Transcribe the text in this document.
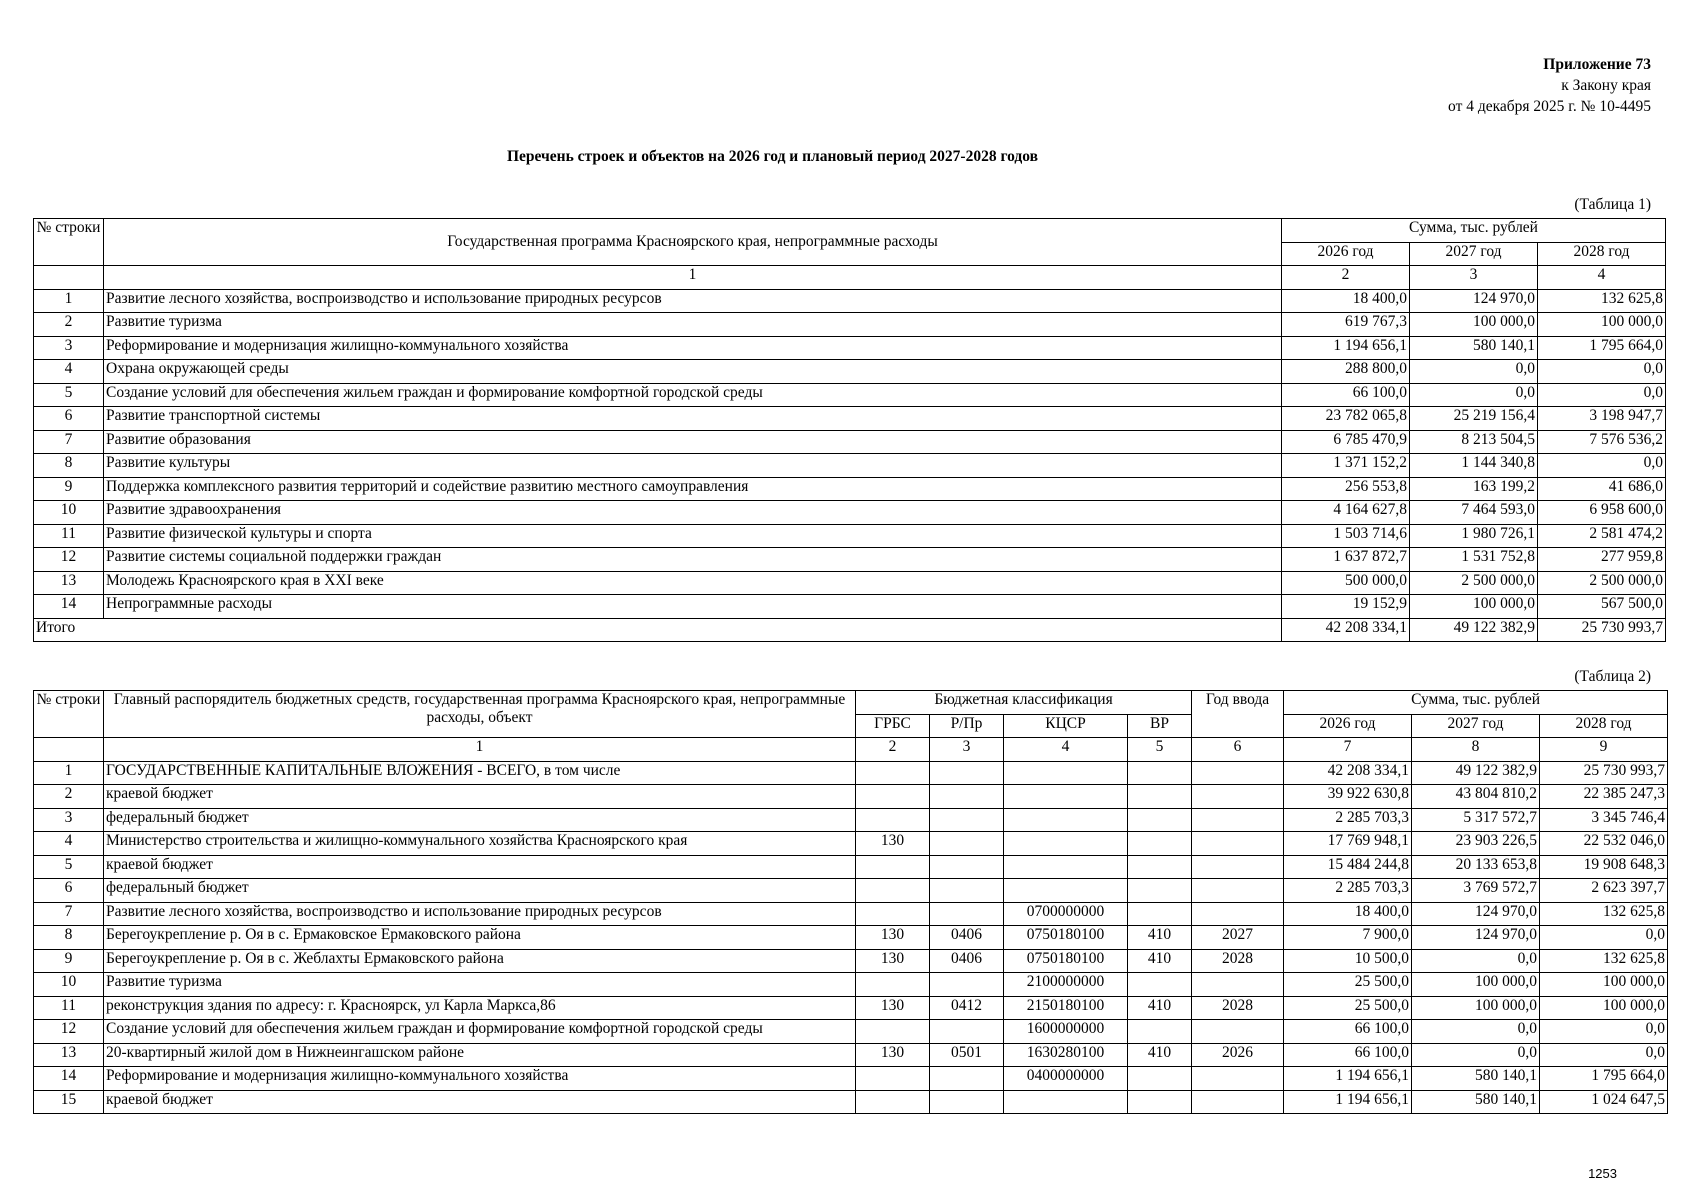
Приложение 73
к Закону края
от 4 декабря 2025 г. № 10-4495
Перечень строек и объектов на 2026 год и плановый период 2027-2028 годов
(Таблица 1)
№ строки	Государственная программа Красноярского края, непрограммные расходы	Сумма, тыс. рублей		
		2026 год	2027 год	2028 год
	1	2	3	4
1	Развитие лесного хозяйства, воспроизводство и использование природных ресурсов	18 400,0	124 970,0	132 625,8
2	Развитие туризма	619 767,3	100 000,0	100 000,0
3	Реформирование и модернизация жилищно-коммунального хозяйства	1 194 656,1	580 140,1	1 795 664,0
4	Охрана окружающей среды	288 800,0	0,0	0,0
5	Создание условий для обеспечения жильем граждан и формирование комфортной городской среды	66 100,0	0,0	0,0
6	Развитие транспортной системы	23 782 065,8	25 219 156,4	3 198 947,7
7	Развитие образования	6 785 470,9	8 213 504,5	7 576 536,2
8	Развитие культуры	1 371 152,2	1 144 340,8	0,0
9	Поддержка комплексного развития территорий и содействие развитию местного самоуправления	256 553,8	163 199,2	41 686,0
10	Развитие здравоохранения	4 164 627,8	7 464 593,0	6 958 600,0
11	Развитие физической культуры и спорта	1 503 714,6	1 980 726,1	2 581 474,2
12	Развитие системы социальной поддержки граждан	1 637 872,7	1 531 752,8	277 959,8
13	Молодежь Красноярского края в XXI веке	500 000,0	2 500 000,0	2 500 000,0
14	Непрограммные расходы	19 152,9	100 000,0	567 500,0
Итого		42 208 334,1	49 122 382,9	25 730 993,7
(Таблица 2)
№ строки	Главный распорядитель бюджетных средств, государственная программа Красноярского края, непрограммные расходы, объект	Бюджетная классификация				Год ввода	Сумма, тыс. рублей		
		ГРБС	Р/Пр	КЦСР	ВР		2026 год	2027 год	2028 год
	1	2	3	4	5	6	7	8	9
1	ГОСУДАРСТВЕННЫЕ КАПИТАЛЬНЫЕ ВЛОЖЕНИЯ - ВСЕГО, в том числе						42 208 334,1	49 122 382,9	25 730 993,7
2	краевой бюджет						39 922 630,8	43 804 810,2	22 385 247,3
3	федеральный бюджет						2 285 703,3	5 317 572,7	3 345 746,4
4	Министерство строительства и жилищно-коммунального хозяйства Красноярского края	130					17 769 948,1	23 903 226,5	22 532 046,0
5	краевой бюджет						15 484 244,8	20 133 653,8	19 908 648,3
6	федеральный бюджет						2 285 703,3	3 769 572,7	2 623 397,7
7	Развитие лесного хозяйства, воспроизводство и использование природных ресурсов			0700000000			18 400,0	124 970,0	132 625,8
8	Берегоукрепление р. Оя в с. Ермаковское Ермаковского района	130	0406	0750180100	410	2027	7 900,0	124 970,0	0,0
9	Берегоукрепление р. Оя в с. Жеблахты Ермаковского района	130	0406	0750180100	410	2028	10 500,0	0,0	132 625,8
10	Развитие туризма			2100000000			25 500,0	100 000,0	100 000,0
11	реконструкция здания по адресу: г. Красноярск, ул Карла Маркса,86	130	0412	2150180100	410	2028	25 500,0	100 000,0	100 000,0
12	Создание условий для обеспечения жильем граждан и формирование комфортной городской среды			1600000000			66 100,0	0,0	0,0
13	20-квартирный жилой дом в Нижнеингашском районе	130	0501	1630280100	410	2026	66 100,0	0,0	0,0
14	Реформирование и модернизация жилищно-коммунального хозяйства			0400000000			1 194 656,1	580 140,1	1 795 664,0
15	краевой бюджет						1 194 656,1	580 140,1	1 024 647,5
1253
